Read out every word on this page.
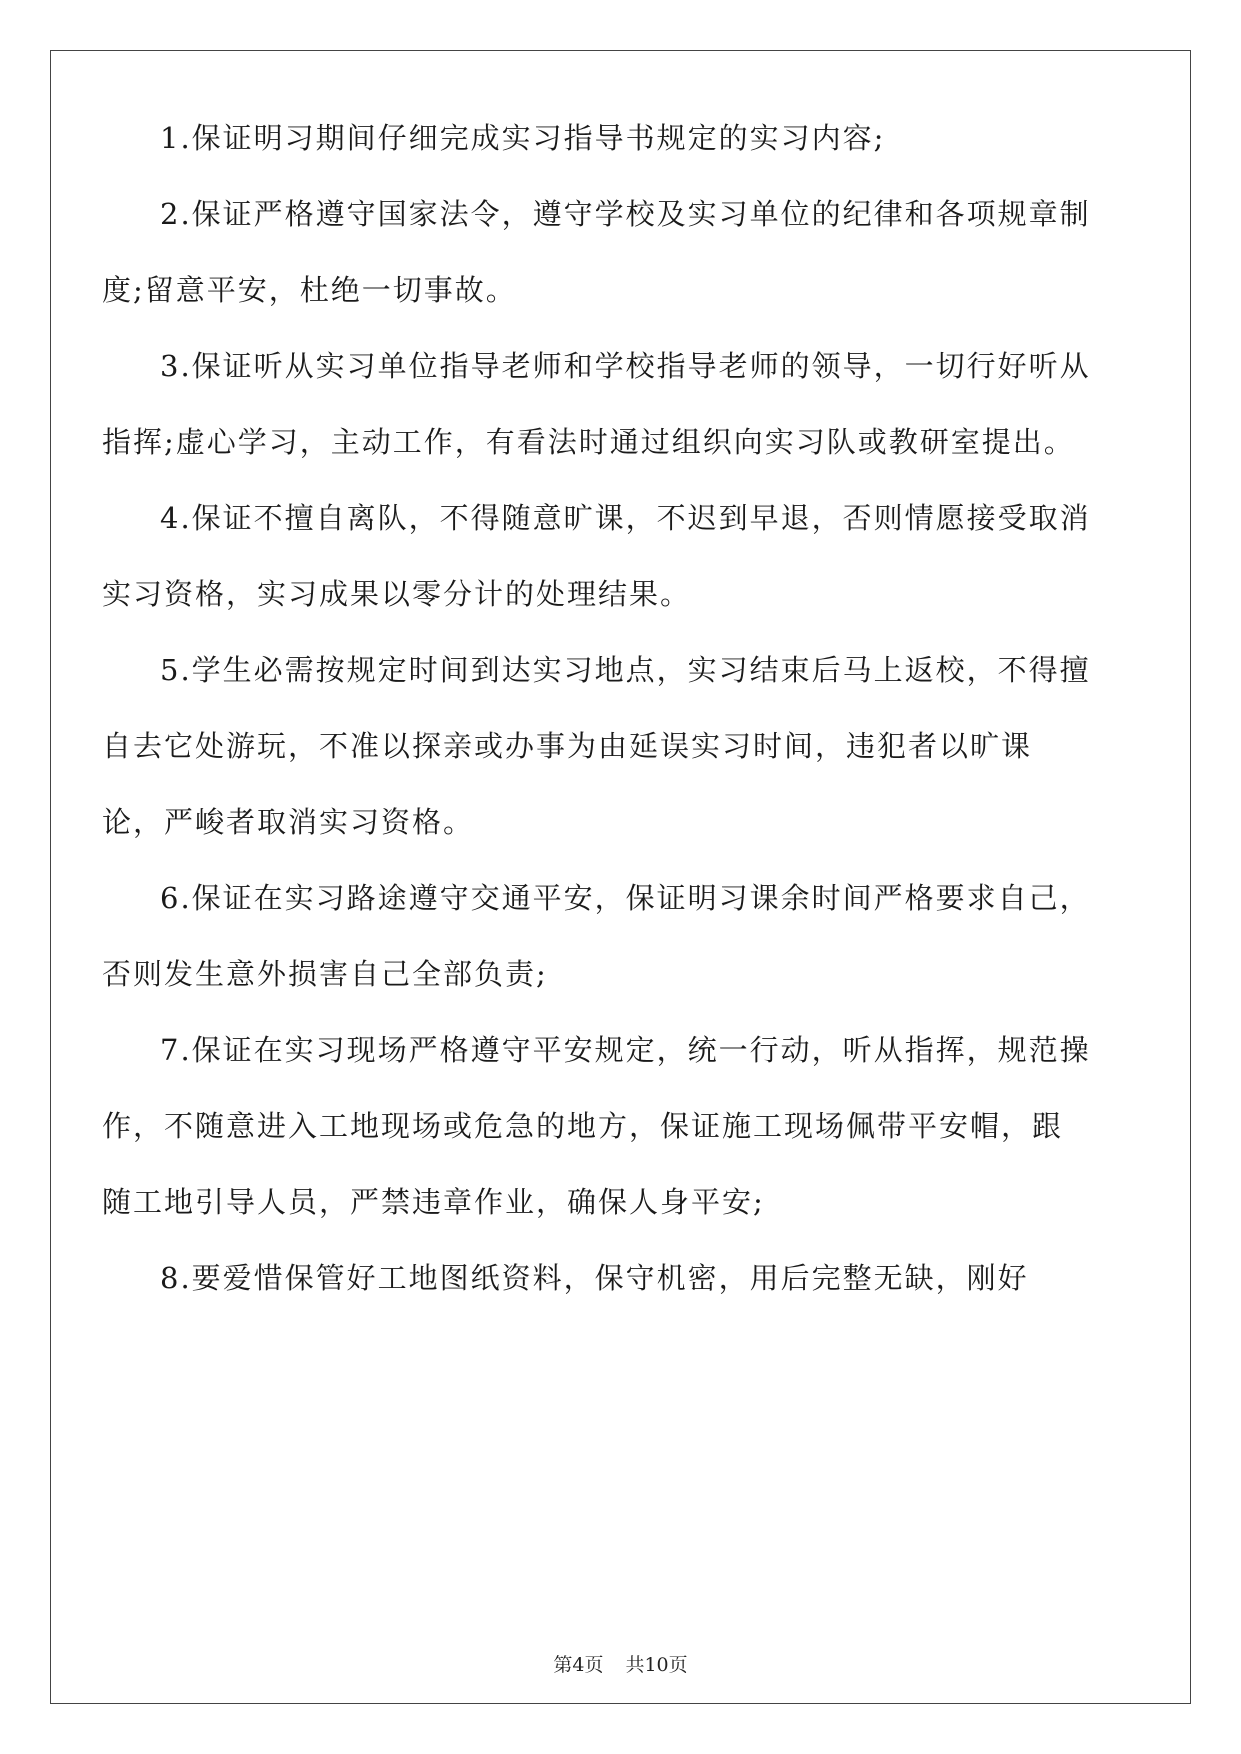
1.保证明习期间仔细完成实习指导书规定的实习内容;

2.保证严格遵守国家法令，遵守学校及实习单位的纪律和各项规章制度;留意平安，杜绝一切事故。

3.保证听从实习单位指导老师和学校指导老师的领导，一切行好听从指挥;虚心学习，主动工作，有看法时通过组织向实习队或教研室提出。

4.保证不擅自离队，不得随意旷课，不迟到早退，否则情愿接受取消实习资格，实习成果以零分计的处理结果。

5.学生必需按规定时间到达实习地点，实习结束后马上返校，不得擅自去它处游玩，不准以探亲或办事为由延误实习时间，违犯者以旷课论，严峻者取消实习资格。

6.保证在实习路途遵守交通平安，保证明习课余时间严格要求自己，否则发生意外损害自己全部负责;

7.保证在实习现场严格遵守平安规定，统一行动，听从指挥，规范操作，不随意进入工地现场或危急的地方，保证施工现场佩带平安帽，跟随工地引导人员，严禁违章作业，确保人身平安;

8.要爱惜保管好工地图纸资料，保守机密，用后完整无缺，刚好

第4页 共10页
